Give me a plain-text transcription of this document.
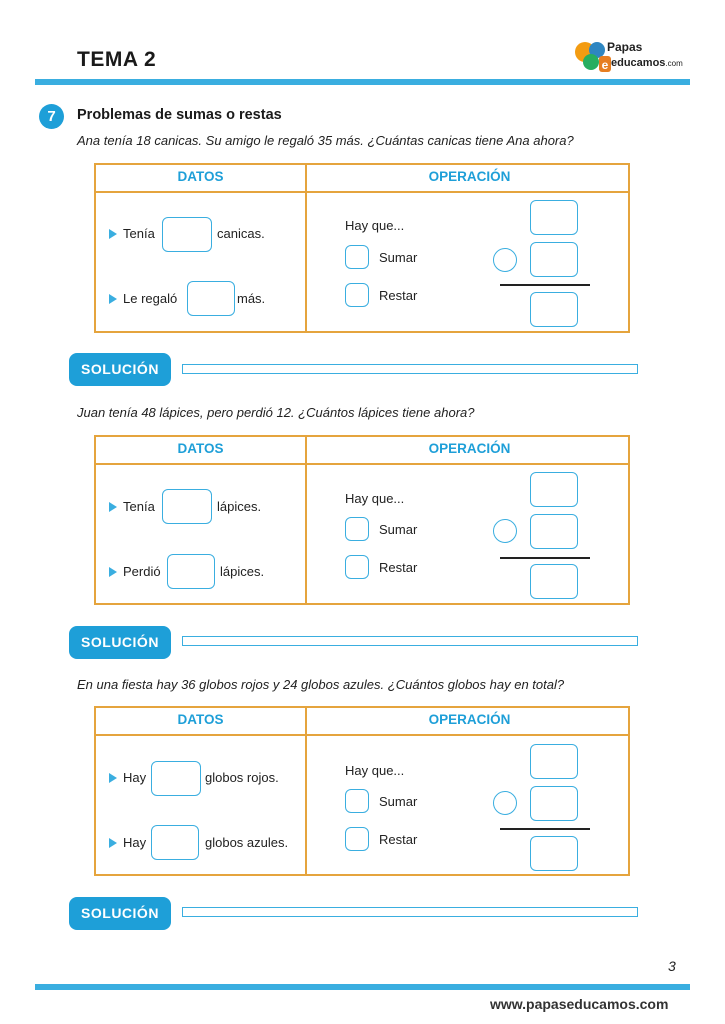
TEMA 2	e
Papas
educamos.com
7	Problemas de sumas o restas
Ana tenía 18 canicas. Su amigo le regaló 35 más. ¿Cuántas canicas tiene Ana ahora?
DATOS	OPERACIÓN
Tenía	canicas.
Le regaló	más.
Hay que...
Sumar
Restar
SOLUCIÓN
Juan tenía 48 lápices, pero perdió 12. ¿Cuántos lápices tiene ahora?
DATOS	OPERACIÓN
Tenía	lápices.
Perdió	lápices.
Hay que...
Sumar
Restar
SOLUCIÓN
En una fiesta hay 36 globos rojos y 24 globos azules. ¿Cuántos globos hay en total?
DATOS	OPERACIÓN
Hay	globos rojos.
Hay	globos azules.
Hay que...
Sumar
Restar
SOLUCIÓN
3
www.papaseducamos.com
